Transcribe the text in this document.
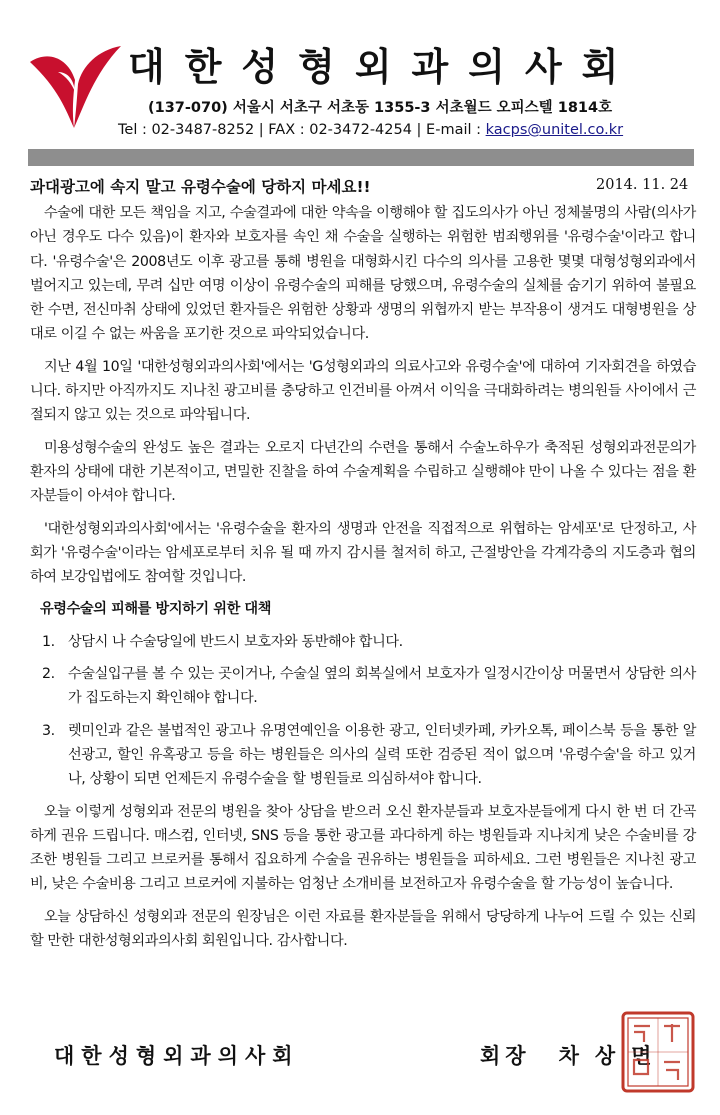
대한성형외과의사회
(137-070) 서울시 서초구 서초동 1355-3 서초월드 오피스텔 1814호
Tel : 02-3487-8252 | FAX : 02-3472-4254 | E-mail : kacps@unitel.co.kr
과대광고에 속지 말고 유령수술에 당하지 마세요!!	2014. 11. 24

수술에 대한 모든 책임을 지고, 수술결과에 대한 약속을 이행해야 할 집도의사가 아닌 정체불명의 사람(의사가 아닌 경우도 다수 있음)이 환자와 보호자를 속인 채 수술을 실행하는 위험한 범죄행위를 '유령수술'이라고 합니다. '유령수술'은 2008년도 이후 광고를 통해 병원을 대형화시킨 다수의 의사를 고용한 몇몇 대형성형외과에서 벌어지고 있는데, 무려 십만 여명 이상이 유령수술의 피해를 당했으며, 유령수술의 실체를 숨기기 위하여 불필요한 수면, 전신마취 상태에 있었던 환자들은 위험한 상황과 생명의 위협까지 받는 부작용이 생겨도 대형병원을 상대로 이길 수 없는 싸움을 포기한 것으로 파악되었습니다.

지난 4월 10일 '대한성형외과의사회'에서는 'G성형외과의 의료사고와 유령수술'에 대하여 기자회견을 하였습니다. 하지만 아직까지도 지나친 광고비를 충당하고 인건비를 아껴서 이익을 극대화하려는 병의원들 사이에서 근절되지 않고 있는 것으로 파악됩니다.

미용성형수술의 완성도 높은 결과는 오로지 다년간의 수련을 통해서 수술노하우가 축적된 성형외과전문의가 환자의 상태에 대한 기본적이고, 면밀한 진찰을 하여 수술계획을 수립하고 실행해야 만이 나올 수 있다는 점을 환자분들이 아셔야 합니다.

'대한성형외과의사회'에서는 '유령수술을 환자의 생명과 안전을 직접적으로 위협하는 암세포'로 단정하고, 사회가 '유령수술'이라는 암세포로부터 치유 될 때 까지 감시를 철저히 하고, 근절방안을 각계각층의 지도층과 협의하여 보강입법에도 참여할 것입니다.

유령수술의 피해를 방지하기 위한 대책

1. 상담시 나 수술당일에 반드시 보호자와 동반해야 합니다.
2. 수술실입구를 볼 수 있는 곳이거나, 수술실 옆의 회복실에서 보호자가 일정시간이상 머물면서 상담한 의사가 집도하는지 확인해야 합니다.
3. 렛미인과 같은 불법적인 광고나 유명연예인을 이용한 광고, 인터넷카페, 카카오톡, 페이스북 등을 통한 알선광고, 할인 유혹광고 등을 하는 병원들은 의사의 실력 또한 검증된 적이 없으며 '유령수술'을 하고 있거나, 상황이 되면 언제든지 유령수술을 할 병원들로 의심하셔야 합니다.

오늘 이렇게 성형외과 전문의 병원을 찾아 상담을 받으러 오신 환자분들과 보호자분들에게 다시 한 번 더 간곡하게 권유 드립니다. 매스컴, 인터넷, SNS 등을 통한 광고를 과다하게 하는 병원들과 지나치게 낮은 수술비를 강조한 병원들 그리고 브로커를 통해서 집요하게 수술을 권유하는 병원들을 피하세요. 그런 병원들은 지나친 광고비, 낮은 수술비용 그리고 브로커에 지불하는 엄청난 소개비를 보전하고자 유령수술을 할 가능성이 높습니다.

오늘 상담하신 성형외과 전문의 원장님은 이런 자료를 환자분들을 위해서 당당하게 나누어 드릴 수 있는 신뢰할 만한 대한성형외과의사회 회원입니다. 감사합니다.

대한성형외과의사회	회장 차상면
